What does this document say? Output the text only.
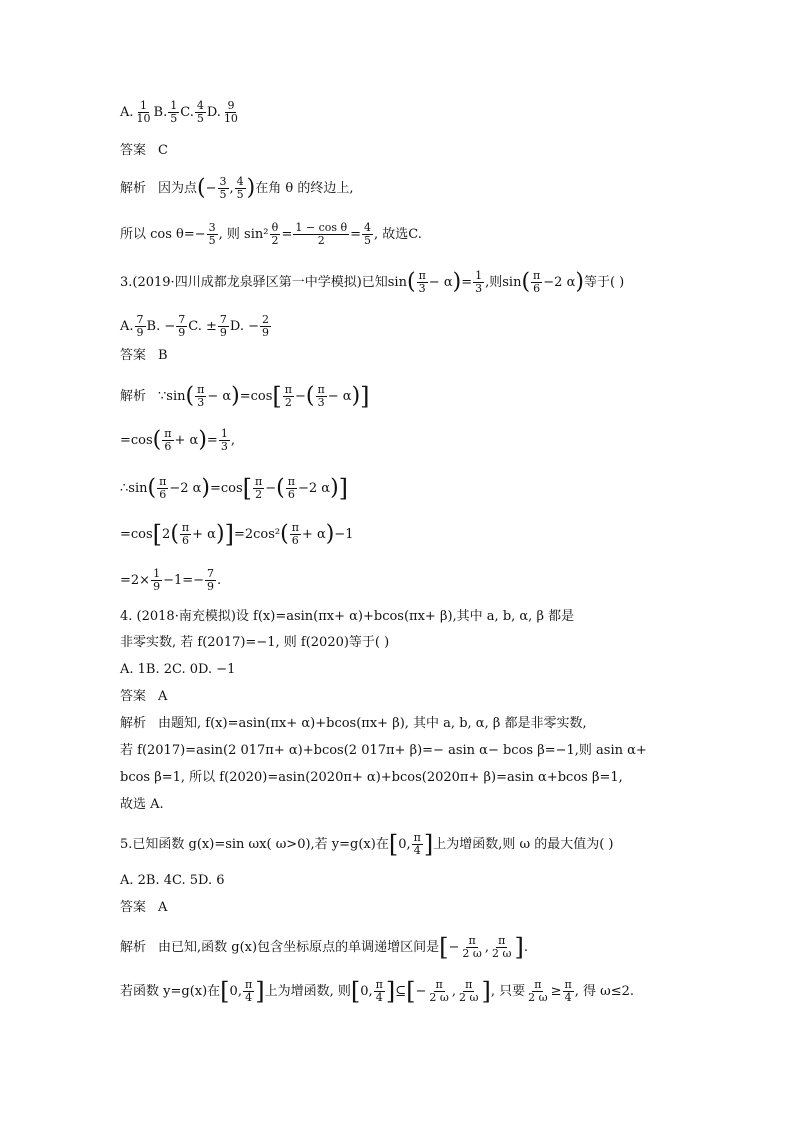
A. $\frac{1}{10} B$. $\frac{1}{5} C$. $\frac{4}{5} D$. $\frac{9}{10}$
答案 C
解析 因为点(− $\frac{3}{5}$ , $\frac{4}{5}$ )在角 θ 的终边上,
所以 $\cos \theta=- \frac{3}{5}$ , 则 $\sin^2 \frac{\theta}{2} = \frac{\text{1 − cos θ}}{2} = \frac{4}{5}$ , 故选C.
3.(2019·四川成都龙泉驿区第一中学模拟)已知$\sin( \frac{\pi}{3} - \alpha)= \frac{1}{3}$ ,则$\sin( \frac{\pi}{6} -2$ α)等于( )
A. $\frac{7}{9} B$. − $\frac{7}{9} C$. ± $\frac{7}{9} D$. − $\frac{2}{9}$
答案 B
解析 ∵sin( $\frac{\pi}{3} - \alpha)=\cos[ \frac{\pi}{2}$ −( $\frac{\pi}{3} - \alpha$)]
$=\cos( \frac{\pi}{6} + \alpha)= \frac{1}{3}$ ,
∴sin( $\frac{\pi}{6} -2$ $\alpha)=\cos[ \frac{\pi}{2}$ −( $\frac{\pi}{6} -2$ α)]
$=\cos[2( \frac{\pi}{6} + \alpha)]=2\cos^2( \frac{\pi}{6} + \alpha)-1$
$=2\times \frac{1}{9} -1=- \frac{7}{9}$ .
4. (2018·南充模拟)设 f(x)=asin(πx+ α)+bcos(πx+ β),其中 a, b, α, β 都是
非零实数, 若 f(2017)=−1, 则 f(2020)等于( )
A. 1B. 2C. 0D. −1
答案 A
解析 由题知, f(x)=asin(πx+ α)+bcos(πx+ β), 其中 a, b, α, β 都是非零实数,
若 f(2017)=asin(2 017π+ α)+bcos(2 017π+ β)=− asin α− bcos β=−1,则 asin α+
bcos β=1, 所以 f(2020)=asin(2020π+ α)+bcos(2020π+ β)=asin α+bcos β=1,
故选 A.
5.已知函数 g(x)=sin ωx( ω>0),若 y=g(x)在[0, $\frac{\pi}{4}$ ]上为增函数,则 ω 的最大值为( )
A. 2B. 4C. 5D. 6
答案 A
解析 由已知,函数 g(x)包含坐标原点的单调递增区间是[− $\frac{\pi}{2 \omega}$ , $\frac{\pi}{2 \omega}$ ].
若函数 y=g(x)在[0, $\frac{\pi}{4}$ ]上为增函数, 则[0, $\frac{\pi}{4}$ ]⊆[− $\frac{\pi}{2 \omega}$ , $\frac{\pi}{2 \omega}$ ], 只要 $\frac{\pi}{2 \omega} \ge \frac{\pi}{4}$ , 得 ω≤2.
